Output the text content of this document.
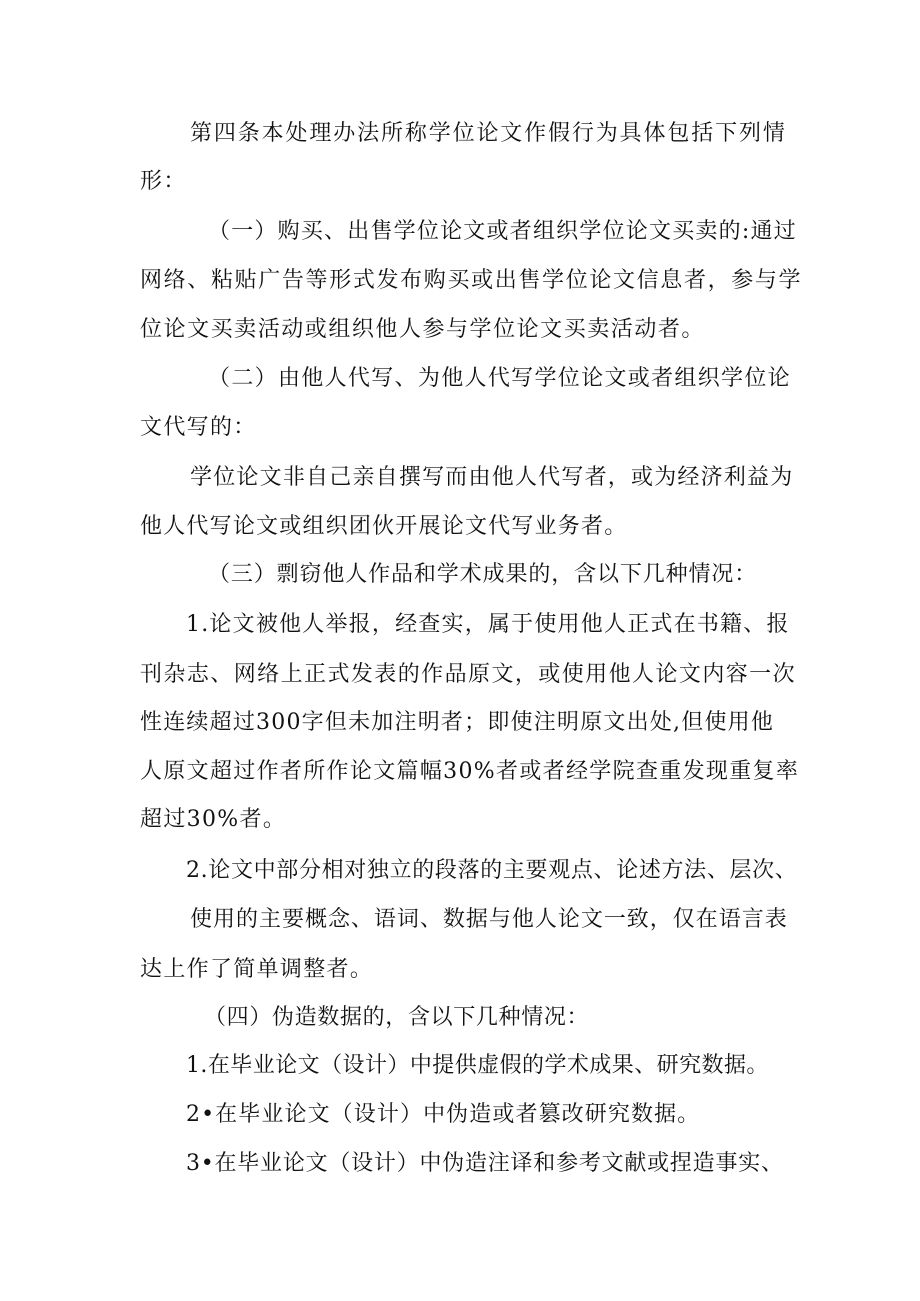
第四条本处理办法所称学位论文作假行为具体包括下列情
形：
（一）购买、出售学位论文或者组织学位论文买卖的:通过
网络、粘贴广告等形式发布购买或出售学位论文信息者，参与学
位论文买卖活动或组织他人参与学位论文买卖活动者。
（二）由他人代写、为他人代写学位论文或者组织学位论
文代写的：
学位论文非自己亲自撰写而由他人代写者，或为经济利益为
他人代写论文或组织团伙开展论文代写业务者。
（三）剽窃他人作品和学术成果的，含以下几种情况：
1.论文被他人举报，经查实，属于使用他人正式在书籍、报
刊杂志、网络上正式发表的作品原文，或使用他人论文内容一次
性连续超过300字但未加注明者；即使注明原文出处,但使用他
人原文超过作者所作论文篇幅30%者或者经学院查重发现重复率
超过30%者。
2.论文中部分相对独立的段落的主要观点、论述方法、层次、
使用的主要概念、语词、数据与他人论文一致，仅在语言表
达上作了简单调整者。
（四）伪造数据的，含以下几种情况：
1.在毕业论文（设计）中提供虚假的学术成果、研究数据。
2•在毕业论文（设计）中伪造或者篡改研究数据。
3•在毕业论文（设计）中伪造注译和参考文献或捏造事实、
